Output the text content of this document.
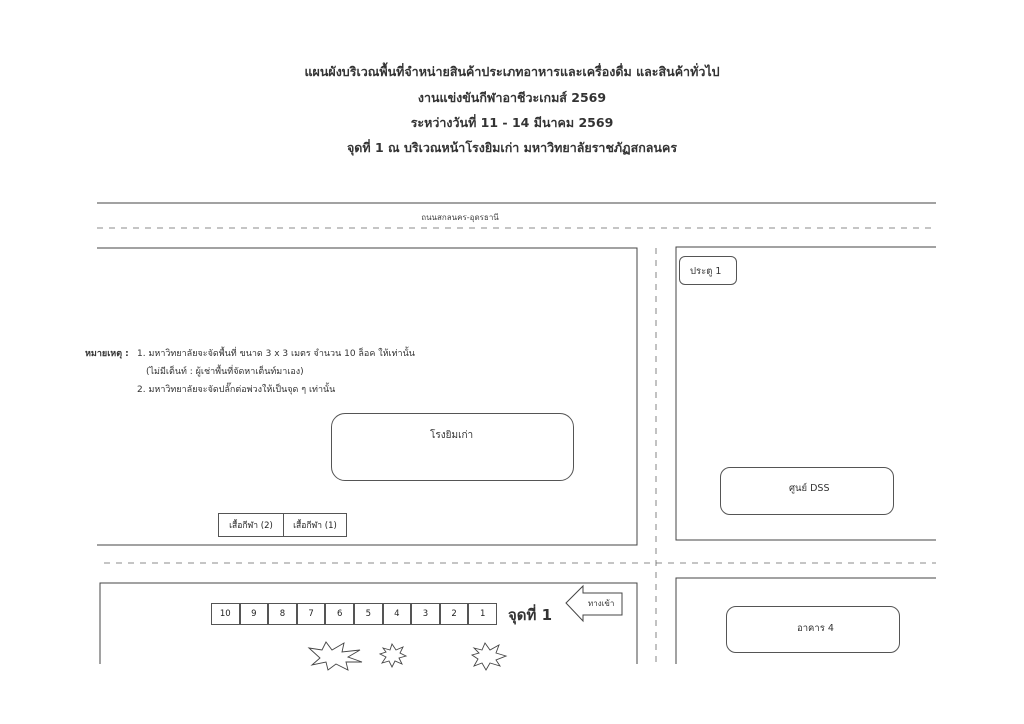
แผนผังบริเวณพื้นที่จำหน่ายสินค้าประเภทอาหารและเครื่องดื่ม และสินค้าทั่วไป
งานแข่งขันกีฬาอาชีวะเกมส์ 2569
ระหว่างวันที่ 11 - 14 มีนาคม 2569
จุดที่ 1 ณ บริเวณหน้าโรงยิมเก่า มหาวิทยาลัยราชภัฏสกลนคร
ถนนสกลนคร-อุดรธานี
ประตู 1
หมายเหตุ : 1. มหาวิทยาลัยจะจัดพื้นที่ ขนาด 3 x 3 เมตร จำนวน 10 ล็อค ให้เท่านั้น
(ไม่มีเต็นท์ : ผู้เช่าพื้นที่จัดหาเต็นท์มาเอง)
2. มหาวิทยาลัยจะจัดปลั๊กต่อพ่วงให้เป็นจุด ๆ เท่านั้น
โรงยิมเก่า
ศูนย์ DSS
เสื้อกีฬา (2)	เสื้อกีฬา (1)
10	9	8	7	6	5	4	3	2	1	จุดที่ 1
ทางเข้า
อาคาร 4
